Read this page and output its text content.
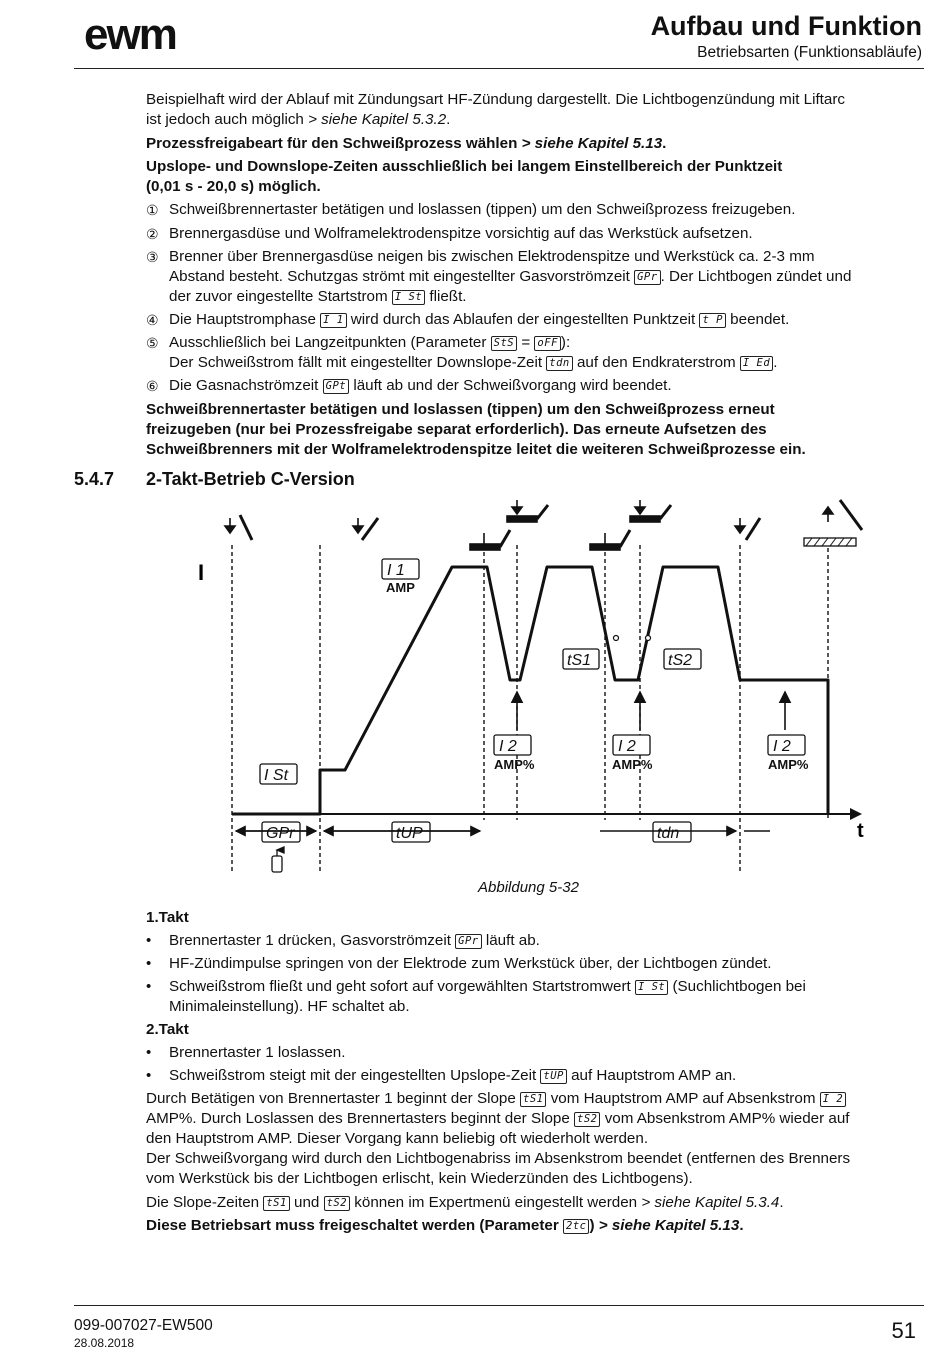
ewm	Aufbau und Funktion
Betriebsarten (Funktionsabläufe)
Beispielhaft wird der Ablauf mit Zündungsart HF-Zündung dargestellt. Die Lichtbogenzündung mit Liftarc
ist jedoch auch möglich > siehe Kapitel 5.3.2.
Prozessfreigabeart für den Schweißprozess wählen > siehe Kapitel 5.13.
Upslope- und Downslope-Zeiten ausschließlich bei langem Einstellbereich der Punktzeit
(0,01 s - 20,0 s) möglich.
① Schweißbrennertaster betätigen und loslassen (tippen) um den Schweißprozess freizugeben.
② Brennergasdüse und Wolframelektrodenspitze vorsichtig auf das Werkstück aufsetzen.
③ Brenner über Brennergasdüse neigen bis zwischen Elektrodenspitze und Werkstück ca. 2-3 mm
Abstand besteht. Schutzgas strömt mit eingestellter Gasvorströmzeit GPr . Der Lichtbogen zündet und
der zuvor eingestellte Startstrom I St fließt.
④ Die Hauptstromphase I 1 wird durch das Ablaufen der eingestellten Punktzeit t P beendet.
⑤ Ausschließlich bei Langzeitpunkten (Parameter StS = oFF ):
Der Schweißstrom fällt mit eingestellter Downslope-Zeit tdn auf den Endkraterstrom I Ed .
⑥ Die Gasnachströmzeit GPt läuft ab und der Schweißvorgang wird beendet.
Schweißbrennertaster betätigen und loslassen (tippen) um den Schweißprozess erneut
freizugeben (nur bei Prozessfreigabe separat erforderlich). Das erneute Aufsetzen des
Schweißbrenners mit der Wolframelektrodenspitze leitet die weiteren Schweißprozesse ein.
5.4.7 2-Takt-Betrieb C-Version
I
t
I 1
AMP
tS1	tS2
I 2
AMP%
I 2
AMP%
I 2
AMP%
I St
GPr	tUP	tdn
Abbildung 5-32
1.Takt
• Brennertaster 1 drücken, Gasvorströmzeit GPr läuft ab.
• HF-Zündimpulse springen von der Elektrode zum Werkstück über, der Lichtbogen zündet.
• Schweißstrom fließt und geht sofort auf vorgewählten Startstromwert I St (Suchlichtbogen bei
Minimaleinstellung). HF schaltet ab.
2.Takt
• Brennertaster 1 loslassen.
• Schweißstrom steigt mit der eingestellten Upslope-Zeit tUP auf Hauptstrom AMP an.
Durch Betätigen von Brennertaster 1 beginnt der Slope tS1 vom Hauptstrom AMP auf Absenkstrom I 2
AMP%. Durch Loslassen des Brennertasters beginnt der Slope tS2 vom Absenkstrom AMP% wieder auf
den Hauptstrom AMP. Dieser Vorgang kann beliebig oft wiederholt werden.
Der Schweißvorgang wird durch den Lichtbogenabriss im Absenkstrom beendet (entfernen des Brenners
vom Werkstück bis der Lichtbogen erlischt, kein Wiederzünden des Lichtbogens).
Die Slope-Zeiten tS1 und tS2 können im Expertmenü eingestellt werden > siehe Kapitel 5.3.4.
Diese Betriebsart muss freigeschaltet werden (Parameter 2tc ) > siehe Kapitel 5.13.
099-007027-EW500
28.08.2018	51
